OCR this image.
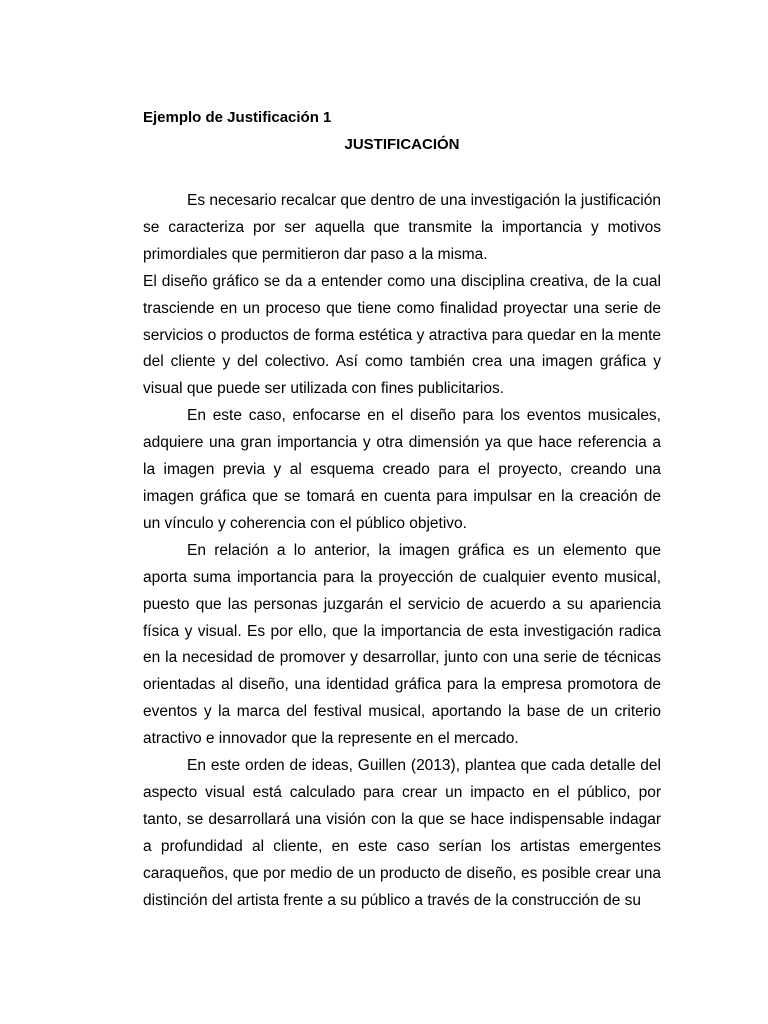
Ejemplo de Justificación 1

JUSTIFICACIÓN

Es necesario recalcar que dentro de una investigación la justificación se caracteriza por ser aquella que transmite la importancia y motivos primordiales que permitieron dar paso a la misma.

El diseño gráfico se da a entender como una disciplina creativa, de la cual trasciende en un proceso que tiene como finalidad proyectar una serie de servicios o productos de forma estética y atractiva para quedar en la mente del cliente y del colectivo. Así como también crea una imagen gráfica y visual que puede ser utilizada con fines publicitarios.

En este caso, enfocarse en el diseño para los eventos musicales, adquiere una gran importancia y otra dimensión ya que hace referencia a la imagen previa y al esquema creado para el proyecto, creando una imagen gráfica que se tomará en cuenta para impulsar en la creación de un vínculo y coherencia con el público objetivo.

En relación a lo anterior, la imagen gráfica es un elemento que aporta suma importancia para la proyección de cualquier evento musical, puesto que las personas juzgarán el servicio de acuerdo a su apariencia física y visual. Es por ello, que la importancia de esta investigación radica en la necesidad de promover y desarrollar, junto con una serie de técnicas orientadas al diseño, una identidad gráfica para la empresa promotora de eventos y la marca del festival musical, aportando la base de un criterio atractivo e innovador que la represente en el mercado.

En este orden de ideas, Guillen (2013), plantea que cada detalle del aspecto visual está calculado para crear un impacto en el público, por tanto, se desarrollará una visión con la que se hace indispensable indagar a profundidad al cliente, en este caso serían los artistas emergentes caraqueños, que por medio de un producto de diseño, es posible crear una distinción del artista frente a su público a través de la construcción de su
